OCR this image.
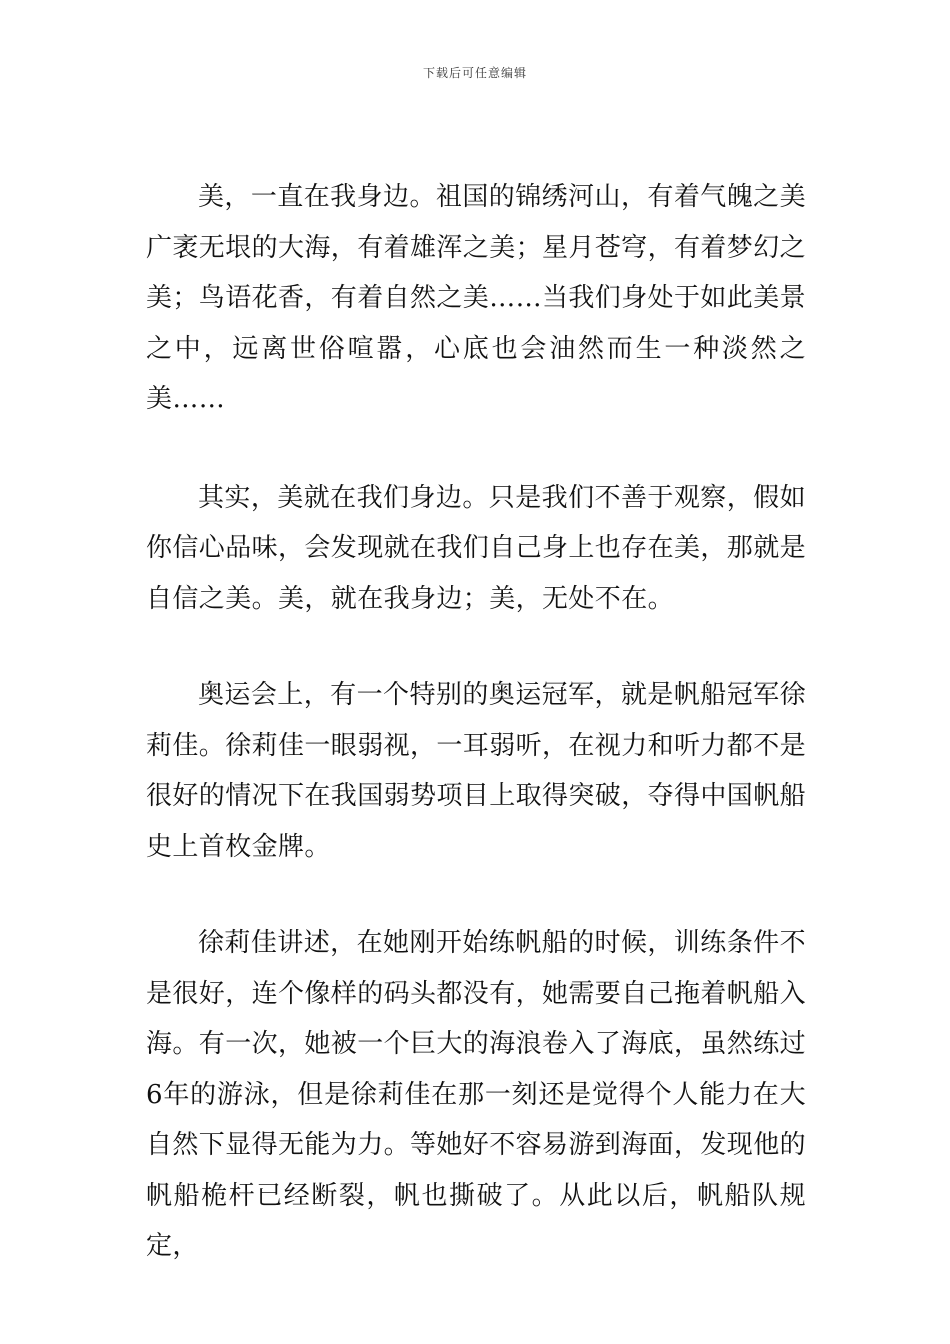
下载后可任意编辑

美，一直在我身边。祖国的锦绣河山，有着气魄之美广袤无垠的大海，有着雄浑之美；星月苍穹，有着梦幻之美；鸟语花香，有着自然之美……当我们身处于如此美景之中，远离世俗喧嚣，心底也会油然而生一种淡然之美……

其实，美就在我们身边。只是我们不善于观察，假如你信心品味，会发现就在我们自己身上也存在美，那就是自信之美。美，就在我身边；美，无处不在。

奥运会上，有一个特别的奥运冠军，就是帆船冠军徐莉佳。徐莉佳一眼弱视，一耳弱听，在视力和听力都不是很好的情况下在我国弱势项目上取得突破，夺得中国帆船史上首枚金牌。

徐莉佳讲述，在她刚开始练帆船的时候，训练条件不是很好，连个像样的码头都没有，她需要自己拖着帆船入海。有一次，她被一个巨大的海浪卷入了海底，虽然练过6年的游泳，但是徐莉佳在那一刻还是觉得个人能力在大自然下显得无能为力。等她好不容易游到海面，发现他的帆船桅杆已经断裂，帆也撕破了。从此以后，帆船队规定，
